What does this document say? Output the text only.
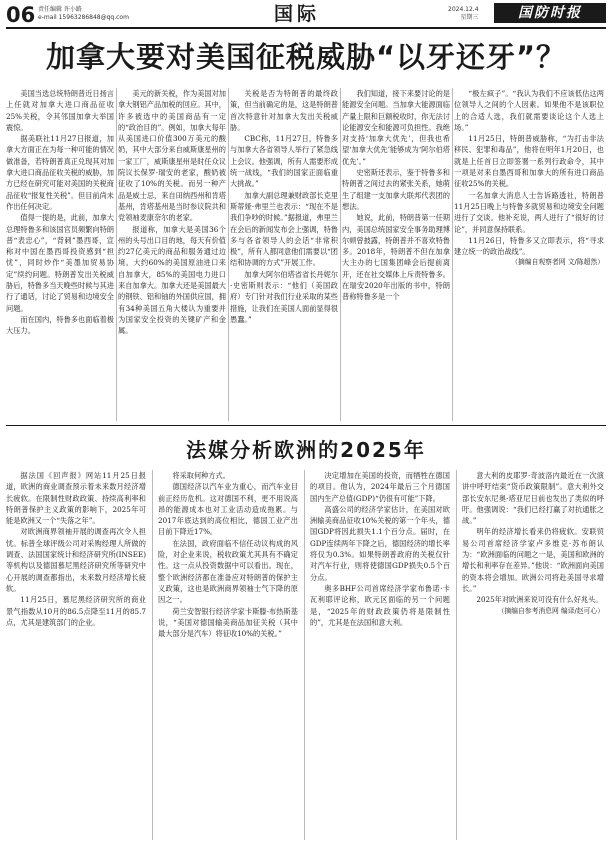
06 责任编辑 许小路
e-mail 15963286848@qq.com	国际	2024.12.4
星期三	国防时报
加拿大要对美国征税威胁“以牙还牙”？

美国当选总统特朗普近日扬言上任就对加拿大进口商品征收25%关税，令其邻国加拿大举国震惊。

据美联社11月27日报道，加拿大方面正在为每一种可能的情况做准备，若特朗普真正兑现其对加拿大进口商品征收关税的威胁，加方已经在研究可能对美国的关税商品征收“报复性关税”。但目前尚未作出任何决定。

值得一提的是，此前，加拿大总理特鲁多和该国官员频繁向特朗普“表忠心”，“背刺”墨西哥，宣称对中国在墨西哥投资感到“担忧”，同时炒作“美墨加贸易协定”续约问题。特朗普发出关税威胁后，特鲁多当天晚些时候与其进行了通话，讨论了贸易和边境安全问题。

而在国内，特鲁多也面临着极大压力。

美元的新关税，作为美国对加拿大钢铝产品加税的回应。其中，许多被选中的美国商品有一定的“政治目的”。例如，加拿大每年从美国进口价值300万美元的酸奶，其中大部分来自威斯康星州的一家工厂，威斯康星州是时任众议院议长保罗·瑞安的老家，酸奶被征收了10%的关税。而另一种产品是威士忌，来自田纳西州和肯塔基州，肯塔基州是当时参议院共和党领袖麦康奈尔的老家。

报道称，加拿大是美国36个州的头号出口目的地，每天有价值约27亿美元的商品和服务通过边境。大约60%的美国原油进口来自加拿大，85%的美国电力进口来自加拿大。加拿大还是美国最大的钢铁、铝和铀的外国供应国，拥有34种美国五角大楼认为重要并为国家安全投资的关键矿产和金属。

关税是否为特朗普的最终政策，但当前确定的是，这是特朗普首次特意针对加拿大发出关税威胁。

CBC称，11月27日，特鲁多与加拿大各省领导人举行了紧急线上会议。他强调，所有人需要形成统一战线，“我们的国家正面临重大挑战。”

加拿大副总理兼财政部长克里斯蒂娅·弗里兰也表示：“现在不是我们争吵的时候。”据报道，弗里兰在会后的新闻发布会上强调，特鲁多与各省领导人的会话“非常积极”，所有人都同意他们需要以“团结和协调的方式”开展工作。

加拿大阿尔伯塔省省长丹妮尔·史密斯则表示：“他们（美国政府）专门针对我们行业采取的某些措施，让我们在美国人面前显得很愚蠢。”

我们知道，接下来要讨论的是能源安全问题。当加拿大能源面临产量上限和巨额税收时，你无法讨论能源安全和能源可负担性。我绝对支持‘加拿大优先’，但我也希望‘加拿大优先’能够成为‘阿尔伯塔优先’。”

史密斯还表示，鉴于特鲁多和特朗普之间过去的紧张关系，她萌生了组建一支加拿大联邦代表团的想法。

她说，此前，特朗普第一任期内，美国总统国家安全事务助理博尔顿曾披露，特朗普并不喜欢特鲁多。2018年，特朗普不但在加拿大主办的七国集团峰会后提前离开，还在社交媒体上斥责特鲁多。在瑞安2020年出版的书中，特朗普称特鲁多是一个

“极左疯子”。“我认为我们不应该低估这两位领导人之间的个人因素。如果他不是该职位上的合适人选，我们就需要谈论这个人选上场。”

11月25日，特朗普威胁称，“为打击非法移民、犯罪和毒品”，他将在明年1月20日，也就是上任首日立即签署一系列行政命令，其中一项是对来自墨西哥和加拿大的所有进口商品征收25%的关税。

一名加拿大消息人士告诉路透社，特朗普11月25日晚上与特鲁多就贸易和边境安全问题进行了交谈。他补充说，两人进行了“很好的讨论”，并同意保持联系。

11月26日，特鲁多又立即表示，将“寻求建立统一的政治战线”。

（摘编自观察者网 文/陈超然）

法媒分析欧洲的2025年

据法国《回声报》网站11月25日报道，欧洲的商业调查预示着未来数月经济增长疲软。在限制性财政政策、持续高利率和特朗普保护主义政策的影响下，2025年可能是欧洲又一个“失落之年”。

对欧洲商界领袖开展的调查再次令人担忧。标普全球评级公司对采购经理人所做的调查、法国国家统计和经济研究所(INSEE)等机构以及德国慕尼黑经济研究所等研究中心开展的调查都指出，未来数月经济增长疲软。

11月25日，慕尼黑经济研究所的商业景气指数从10月的86.5点降至11月的85.7点，尤其是建筑部门的企业。

将采取何种方式。

德国经济以汽车业为重心，而汽车业目前正经历危机。这对德国不利，更不用说高昂的能源成本也对工业活动造成拖累。与2017年底达到的高位相比，德国工业产出目前下降近17%。

在法国，政府面临不信任动议构成的风险，对企业来说，税收政策尤其具有不确定性。这一点从投资数据中可以看出。现在，整个欧洲经济都在准备应对特朗普的保护主义政策，这也是欧洲商界领袖士气下降的原因之一。

荷兰安智银行经济学家卡斯滕·布热斯基说，“美国对德国输美商品加征关税（其中最大部分是汽车）将征收10%的关税。”

决定增加在美国的投资，而牺牲在德国的项目。他认为，2024年最后三个月德国国内生产总值(GDP)“仍很有可能”下降。

高盛公司的经济学家估计，在美国对欧洲输美商品征收10%关税的第一个年头，德国GDP将因此损失1.1个百分点。届时，在GDP连续两年下降之后，德国经济的增长率将仅为0.3%。如果特朗普政府的关税仅针对汽车行业，则将使德国GDP损失0.5个百分点。

奥多BHF公司首席经济学家布鲁诺·卡瓦利耶评论称，欧元区面临的另一个问题是，“2025年的财政政策仍将是限制性的”，尤其是在法国和意大利。

意大利的皮耶罗·奇波洛内最近在一次演讲中呼吁结束“货币政策限制”。意大利外交部长安东尼奥·塔亚尼日前也发出了类似的呼吁。他强调说：“我们已经打赢了对抗通胀之战。”

明年的经济增长看来仍将疲软。安联贸易公司首席经济学家卢多维克·苏布朗认为：“欧洲面临的问题之一是，美国和欧洲的增长和利率存在差异。”他说：“欧洲面向美国的资本将会增加。欧洲公司将赴美国寻求增长。”

2025年对欧洲来说可没有什么好兆头。

（摘编自参考消息网 编译/赵可心）
